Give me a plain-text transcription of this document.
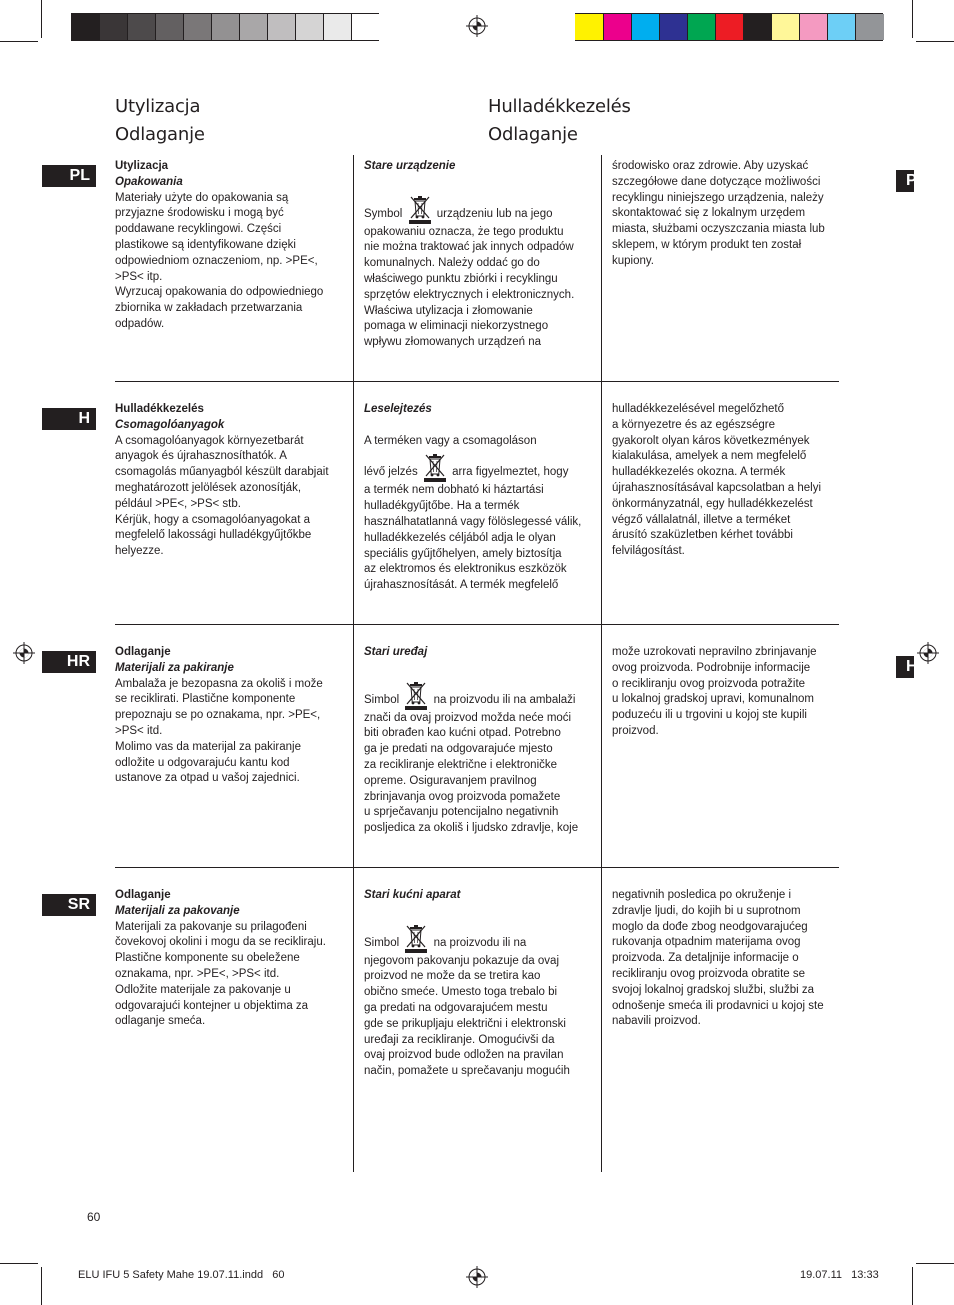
Utylizacja
Odlaganje
Hulladékkezelés
Odlaganje
PL	P
H
HR	H
SR

Utylizacja

Opakowania

Materiały użyte do opakowania są

przyjazne środowisku i mogą być

poddawane recyklingowi. Części

plastikowe są identyfikowane dzięki

odpowiedniom oznaczeniom, np. >PE<,

>PS< itp.

Wyrzucaj opakowania do odpowiedniego

zbiornika w zakładach przetwarzania

odpadów.

Stare urządzenie

Symbol	urządzeniu lub na jego

opakowaniu oznacza, że tego produktu

nie można traktować jak innych odpadów

komunalnych. Należy oddać go do

właściwego punktu zbiórki i recyklingu

sprzętów elektrycznych i elektronicznych.

Właściwa utylizacja i złomowanie

pomaga w eliminacji niekorzystnego

wpływu złomowanych urządzeń na

środowisko oraz zdrowie. Aby uzyskać

szczegółowe dane dotyczące możliwości

recyklingu niniejszego urządzenia, należy

skontaktować się z lokalnym urzędem

miasta, służbami oczyszczania miasta lub

sklepem, w którym produkt ten został

kupiony.

Hulladékkezelés

Csomagolóanyagok

A csomagolóanyagok környezetbarát

anyagok és újrahasznosíthatók. A

csomagolás műanyagból készült darabjait

meghatározott jelölések azonosítják,

például >PE<, >PS< stb.

Kérjük, hogy a csomagolóanyagokat a

megfelelő lakossági hulladékgyűjtőkbe

helyezze.

Leselejtezés

A terméken vagy a csomagoláson

lévő jelzés	arra figyelmeztet, hogy

a termék nem dobható ki háztartási

hulladékgyűjtőbe. Ha a termék

használhatatlanná vagy fölöslegessé válik,

hulladékkezelés céljából adja le olyan

speciális gyűjtőhelyen, amely biztosítja

az elektromos és elektronikus eszközök

újrahasznosítását. A termék megfelelő

hulladékkezelésével megelőzhető

a környezetre és az egészségre

gyakorolt olyan káros következmények

kialakulása, amelyek a nem megfelelő

hulladékkezelés okozna. A termék

újrahasznosításával kapcsolatban a helyi

önkormányzatnál, egy hulladékkezelést

végző vállalatnál, illetve a terméket

árusító szaküzletben kérhet további

felvilágosítást.

Odlaganje

Materijali za pakiranje

Ambalaža je bezopasna za okoliš i može

se reciklirati. Plastične komponente

prepoznaju se po oznakama, npr. >PE<,

>PS< itd.

Molimo vas da materijal za pakiranje

odložite u odgovarajuću kantu kod

ustanove za otpad u vašoj zajednici.

Stari uređaj

Simbol	na proizvodu ili na ambalaži

znači da ovaj proizvod možda neće moći

biti obrađen kao kućni otpad. Potrebno

ga je predati na odgovarajuće mjesto

za recikliranje električne i elektroničke

opreme. Osiguravanjem pravilnog

zbrinjavanja ovog proizvoda pomažete

u sprječavanju potencijalno negativnih

posljedica za okoliš i ljudsko zdravlje, koje

može uzrokovati nepravilno zbrinjavanje

ovog proizvoda. Podrobnije informacije

o recikliranju ovog proizvoda potražite

u lokalnoj gradskoj upravi, komunalnom

poduzeću ili u trgovini u kojoj ste kupili

proizvod.

Odlaganje

Materijali za pakovanje

Materijali za pakovanje su prilagođeni

čovekovoj okolini i mogu da se recikliraju.

Plastične komponente su obeležene

oznakama, npr. >PE<, >PS< itd.

Odložite materijale za pakovanje u

odgovarajući kontejner u objektima za

odlaganje smeća.

Stari kućni aparat

Simbol	na proizvodu ili na

njegovom pakovanju pokazuje da ovaj

proizvod ne može da se tretira kao

obično smeće. Umesto toga trebalo bi

ga predati na odgovarajućem mestu

gde se prikupljaju električni i elektronski

uređaji za recikliranje. Omogućivši da

ovaj proizvod bude odložen na pravilan

način, pomažete u sprečavanju mogućih

negativnih posledica po okruženje i

zdravlje ljudi, do kojih bi u suprotnom

moglo da dođe zbog neodgovarajućeg

rukovanja otpadnim materijama ovog

proizvoda. Za detaljnije informacije o

recikliranju ovog proizvoda obratite se

svojoj lokalnoj gradskoj službi, službi za

odnošenje smeća ili prodavnici u kojoj ste

nabavili proizvod.

60
ELU IFU 5 Safety Mahe 19.07.11.indd   60	19.07.11   13:33
